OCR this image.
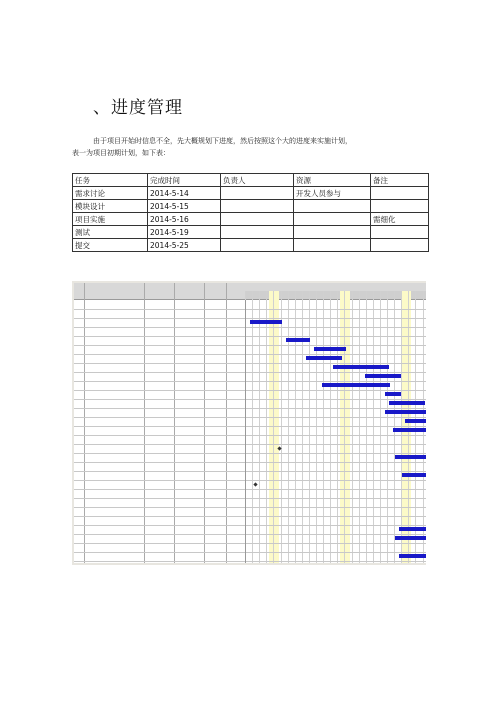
、进度管理
由于项目开始时信息不全，先大概规划下进度，然后按照这个大的进度来实施计划，
表一为项目初期计划，如下表：
任务	完成时间	负责人	资源	备注
需求讨论	2014-5-14		开发人员参与	
模块设计	2014-5-15			
项目实施	2014-5-16			需细化
测试	2014-5-19			
提交	2014-5-25			
